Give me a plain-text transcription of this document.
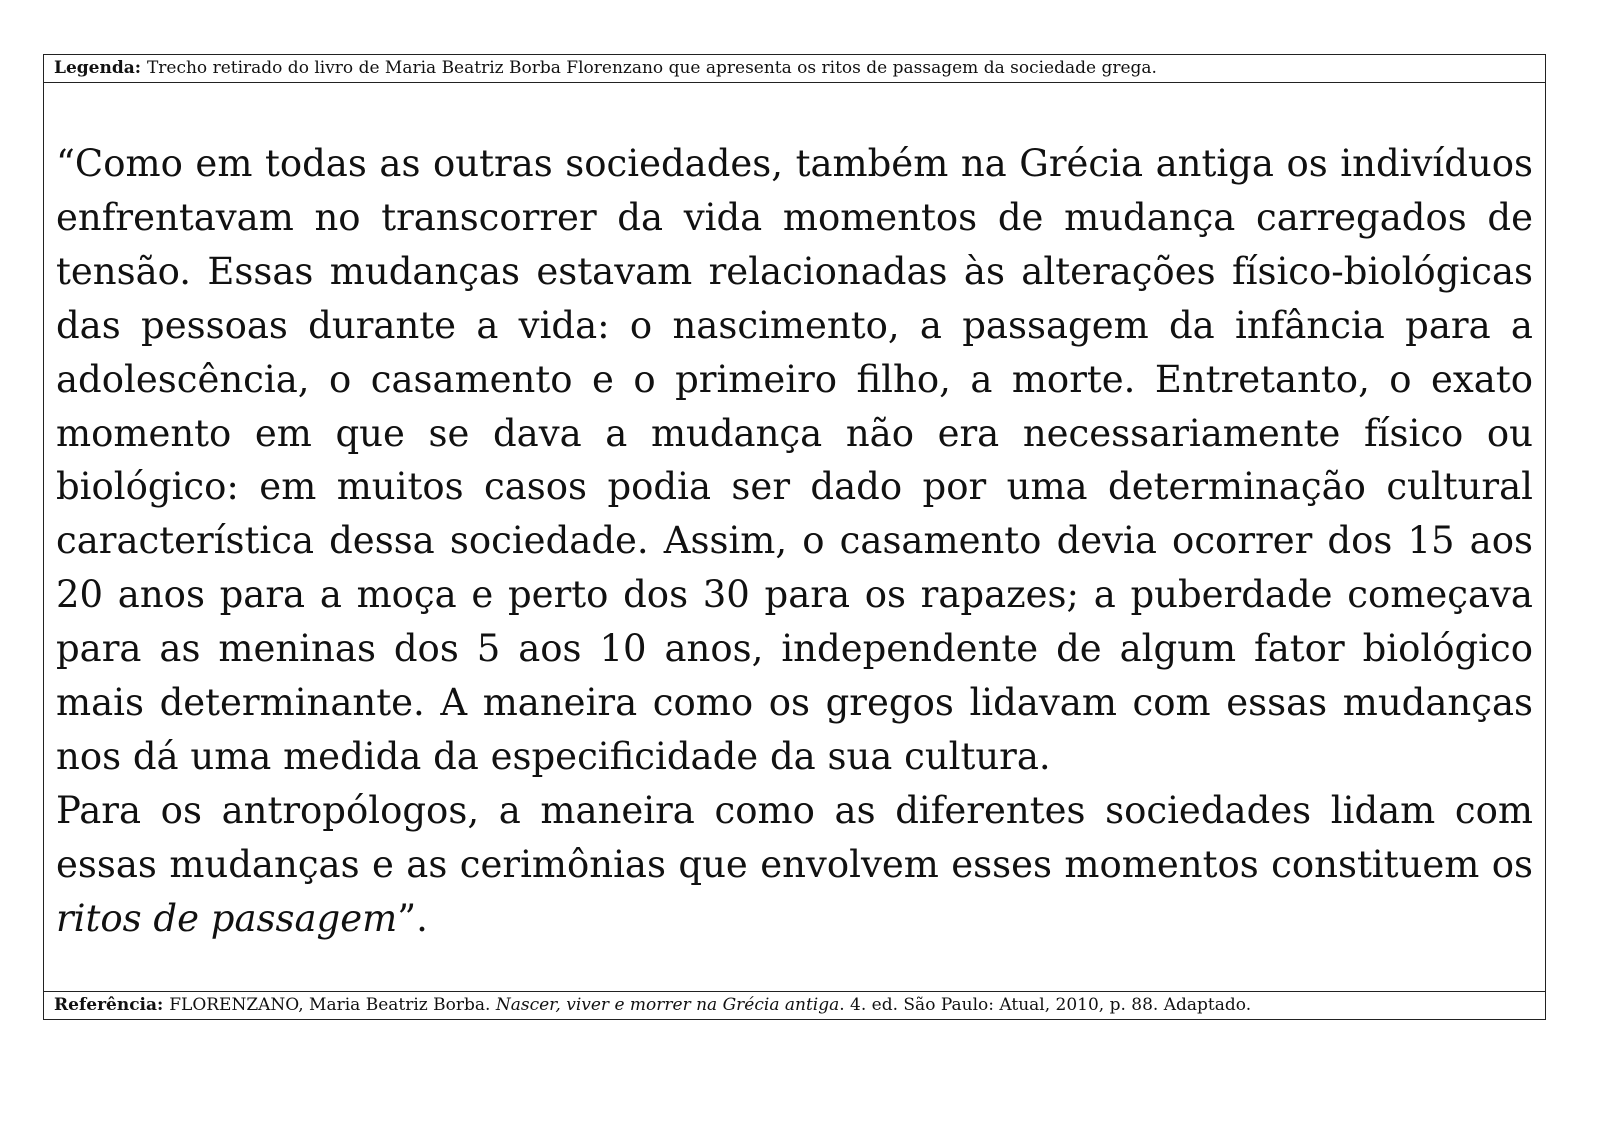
Legenda: Trecho retirado do livro de Maria Beatriz Borba Florenzano que apresenta os ritos de passagem da sociedade grega.

“Como em todas as outras sociedades, também na Grécia antiga os indivíduos enfrentavam no transcorrer da vida momentos de mudança carregados de tensão. Essas mudanças estavam relacionadas às alterações físico-biológicas das pessoas durante a vida: o nascimento, a passagem da infância para a adolescência, o casamento e o primeiro filho, a morte. Entretanto, o exato momento em que se dava a mudança não era necessariamente físico ou biológico: em muitos casos podia ser dado por uma determinação cultural característica dessa sociedade. Assim, o casamento devia ocorrer dos 15 aos 20 anos para a moça e perto dos 30 para os rapazes; a puberdade começava para as meninas dos 5 aos 10 anos, independente de algum fator biológico mais determinante. A maneira como os gregos lidavam com essas mudanças nos dá uma medida da especificidade da sua cultura.

Para os antropólogos, a maneira como as diferentes sociedades lidam com essas mudanças e as cerimônias que envolvem esses momentos constituem os ritos de passagem”.

Referência: FLORENZANO, Maria Beatriz Borba. Nascer, viver e morrer na Grécia antiga. 4. ed. São Paulo: Atual, 2010, p. 88. Adaptado.
